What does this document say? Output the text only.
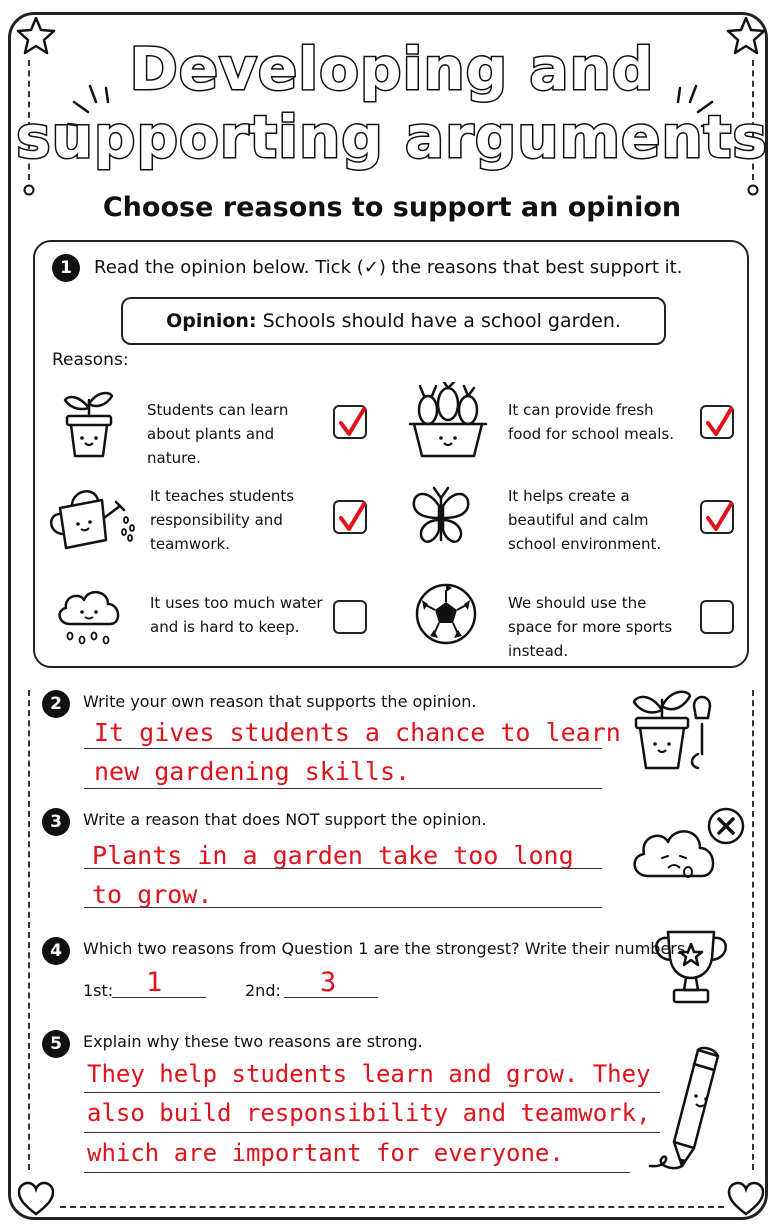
Developing and
supporting arguments
Choose reasons to support an opinion
1	Read the opinion below. Tick (✓) the reasons that best support it.
Opinion: Schools should have a school garden.
Reasons:
Students can learn about plants and nature.
It can provide fresh food for school meals.
It teaches students responsibility and teamwork.
It helps create a beautiful and calm school environment.
It uses too much water and is hard to keep.
We should use the space for more sports instead.
2	Write your own reason that supports the opinion.
It gives students a chance to learn
new gardening skills.
3	Write a reason that does NOT support the opinion.
Plants in a garden take too long
to grow.
4	Which two reasons from Question 1 are the strongest? Write their numbers.
1st: 1	2nd: 3
5	Explain why these two reasons are strong.
They help students learn and grow. They
also build responsibility and teamwork,
which are important for everyone.
